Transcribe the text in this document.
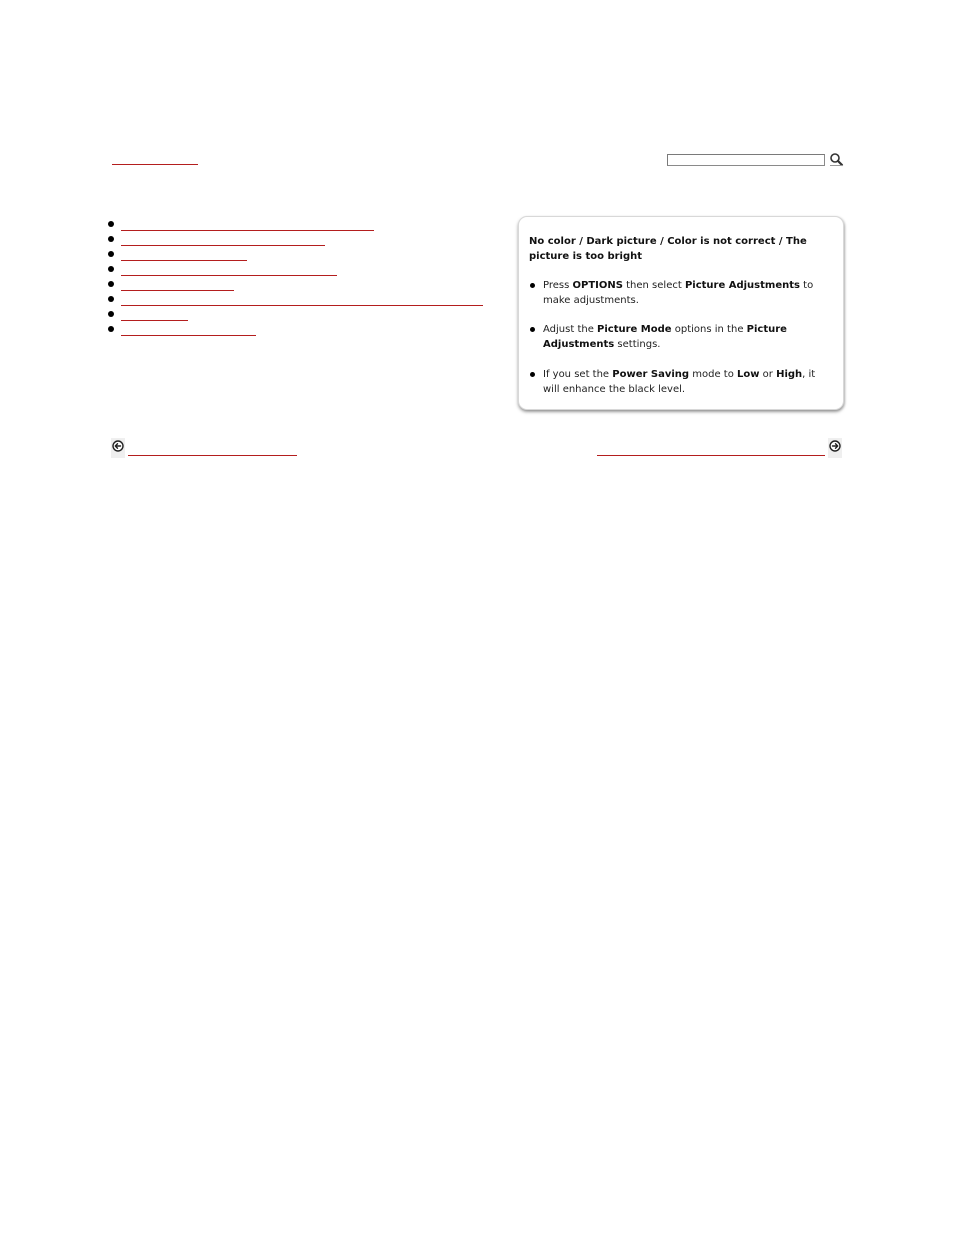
No color / Dark picture / Color is not correct / The picture is too bright

Press OPTIONS then select Picture Adjustments to make adjustments.

Adjust the Picture Mode options in the Picture Adjustments settings.

If you set the Power Saving mode to Low or High, it will enhance the black level.
